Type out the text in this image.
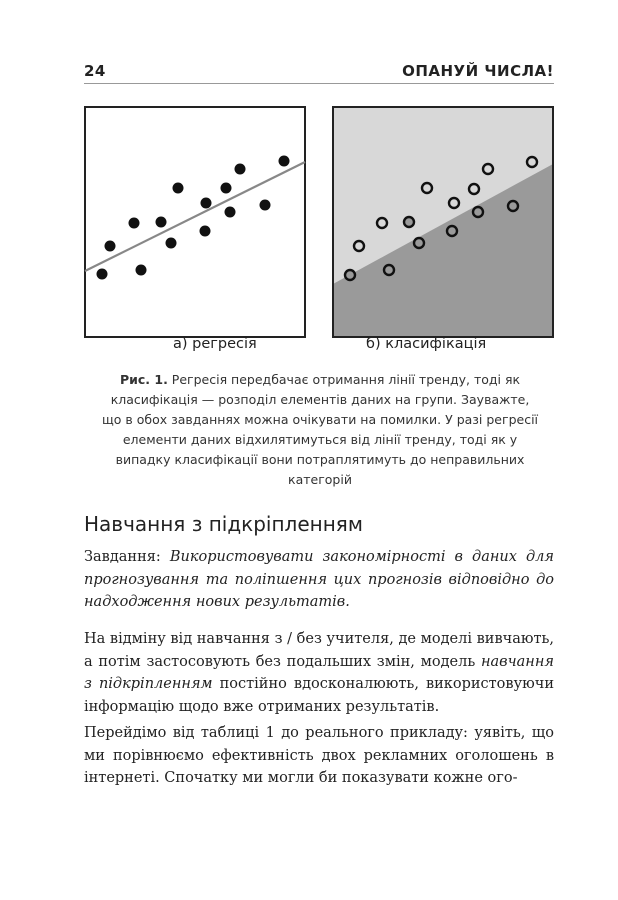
24	ОПАНУЙ ЧИСЛА!
а) регресія	б) класифікація
Рис. 1. Регресія передбачає отримання лінії тренду, тоді як класифікація — розподіл елементів даних на групи. Зауважте, що в обох завданнях можна очікувати на помилки. У разі регресії елементи даних відхилятимуться від лінії тренду, тоді як у випадку класифікації вони потраплятимуть до неправильних категорій
Навчання з підкріпленням

Завдання: Використовувати закономірності в даних для прогнозування та поліпшення цих прогнозів відповідно до надходження нових результатів.

На відміну від навчання з / без учителя, де моделі вивчають, а потім застосовують без подальших змін, модель навчання з підкріпленням постійно вдосконалюють, використовуючи інформацію щодо вже отриманих результатів.

Перейдімо від таблиці 1 до реального прикладу: уявіть, що ми порівнюємо ефективність двох рекламних оголошень в інтернеті. Спочатку ми могли би показувати кожне ого-
